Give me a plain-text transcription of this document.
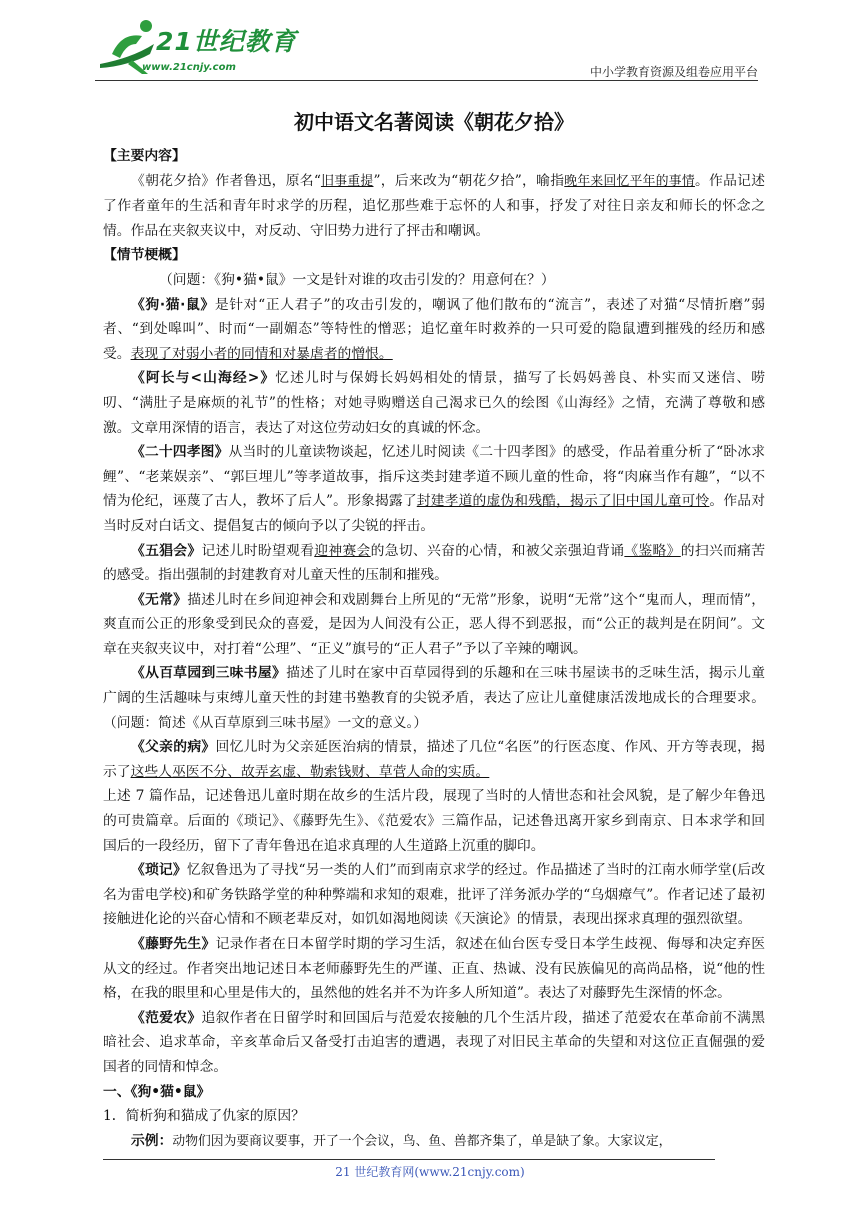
21世纪教育
www.21cnjy.com	中小学教育资源及组卷应用平台
初中语文名著阅读《朝花夕拾》
【主要内容】

《朝花夕拾》作者鲁迅，原名“旧事重提”，后来改为“朝花夕拾”，喻指晚年来回忆平年的事情。作品记述了作者童年的生活和青年时求学的历程，追忆那些难于忘怀的人和事，抒发了对往日亲友和师长的怀念之情。作品在夹叙夹议中，对反动、守旧势力进行了抨击和嘲讽。

【情节梗概】

（问题：《狗•猫•鼠》一文是针对谁的攻击引发的？用意何在？）

《狗·猫·鼠》是针对“正人君子”的攻击引发的，嘲讽了他们散布的“流言”，表述了对猫“尽情折磨”弱者、“到处嗥叫”、时而“一副媚态”等特性的憎恶；追忆童年时救养的一只可爱的隐鼠遭到摧残的经历和感受。表现了对弱小者的同情和对暴虐者的憎恨。

《阿长与<山海经>》忆述儿时与保姆长妈妈相处的情景，描写了长妈妈善良、朴实而又迷信、唠叨、“满肚子是麻烦的礼节”的性格；对她寻购赠送自己渴求已久的绘图《山海经》之情，充满了尊敬和感激。文章用深情的语言，表达了对这位劳动妇女的真诚的怀念。

《二十四孝图》从当时的儿童读物谈起，忆述儿时阅读《二十四孝图》的感受，作品着重分析了“卧冰求鲤”、“老莱娱亲”、“郭巨埋儿”等孝道故事，指斥这类封建孝道不顾儿童的性命，将“肉麻当作有趣”，“以不情为伦纪，诬蔑了古人，教坏了后人”。形象揭露了封建孝道的虚伪和残酷，揭示了旧中国儿童可怜。作品对当时反对白话文、提倡复古的倾向予以了尖锐的抨击。

《五猖会》记述儿时盼望观看迎神赛会的急切、兴奋的心情，和被父亲强迫背诵《鉴略》的扫兴而痛苦的感受。指出强制的封建教育对儿童天性的压制和摧残。

《无常》描述儿时在乡间迎神会和戏剧舞台上所见的“无常”形象，说明“无常”这个“鬼而人，理而情”，爽直而公正的形象受到民众的喜爱，是因为人间没有公正，恶人得不到恶报，而“公正的裁判是在阴间”。文章在夹叙夹议中，对打着“公理”、“正义”旗号的“正人君子”予以了辛辣的嘲讽。

《从百草园到三味书屋》描述了儿时在家中百草园得到的乐趣和在三味书屋读书的乏味生活，揭示儿童广阔的生活趣味与束缚儿童天性的封建书塾教育的尖锐矛盾，表达了应让儿童健康活泼地成长的合理要求。（问题：简述《从百草原到三味书屋》一文的意义。）

《父亲的病》回忆儿时为父亲延医治病的情景，描述了几位“名医”的行医态度、作风、开方等表现，揭示了这些人巫医不分、故弄玄虚、勒索钱财、草菅人命的实质。

上述 7 篇作品，记述鲁迅儿童时期在故乡的生活片段，展现了当时的人情世态和社会风貌，是了解少年鲁迅的可贵篇章。后面的《琐记》、《藤野先生》、《范爱农》三篇作品，记述鲁迅离开家乡到南京、日本求学和回国后的一段经历，留下了青年鲁迅在追求真理的人生道路上沉重的脚印。

《琐记》忆叙鲁迅为了寻找“另一类的人们”而到南京求学的经过。作品描述了当时的江南水师学堂(后改名为雷电学校)和矿务铁路学堂的种种弊端和求知的艰难，批评了洋务派办学的“乌烟瘴气”。作者记述了最初接触进化论的兴奋心情和不顾老辈反对，如饥如渴地阅读《天演论》的情景，表现出探求真理的强烈欲望。

《藤野先生》记录作者在日本留学时期的学习生活，叙述在仙台医专受日本学生歧视、侮辱和决定弃医从文的经过。作者突出地记述日本老师藤野先生的严谨、正直、热诚、没有民族偏见的高尚品格，说“他的性格，在我的眼里和心里是伟大的，虽然他的姓名并不为许多人所知道”。表达了对藤野先生深情的怀念。

《范爱农》追叙作者在日留学时和回国后与范爱农接触的几个生活片段，描述了范爱农在革命前不满黑暗社会、追求革命，辛亥革命后又备受打击迫害的遭遇，表现了对旧民主革命的失望和对这位正直倔强的爱国者的同情和悼念。

一、《狗•猫•鼠》

1．简析狗和猫成了仇家的原因？

示例：动物们因为要商议要事，开了一个会议，鸟、鱼、兽都齐集了，单是缺了象。大家议定，

21 世纪教育网(www.21cnjy.com)
